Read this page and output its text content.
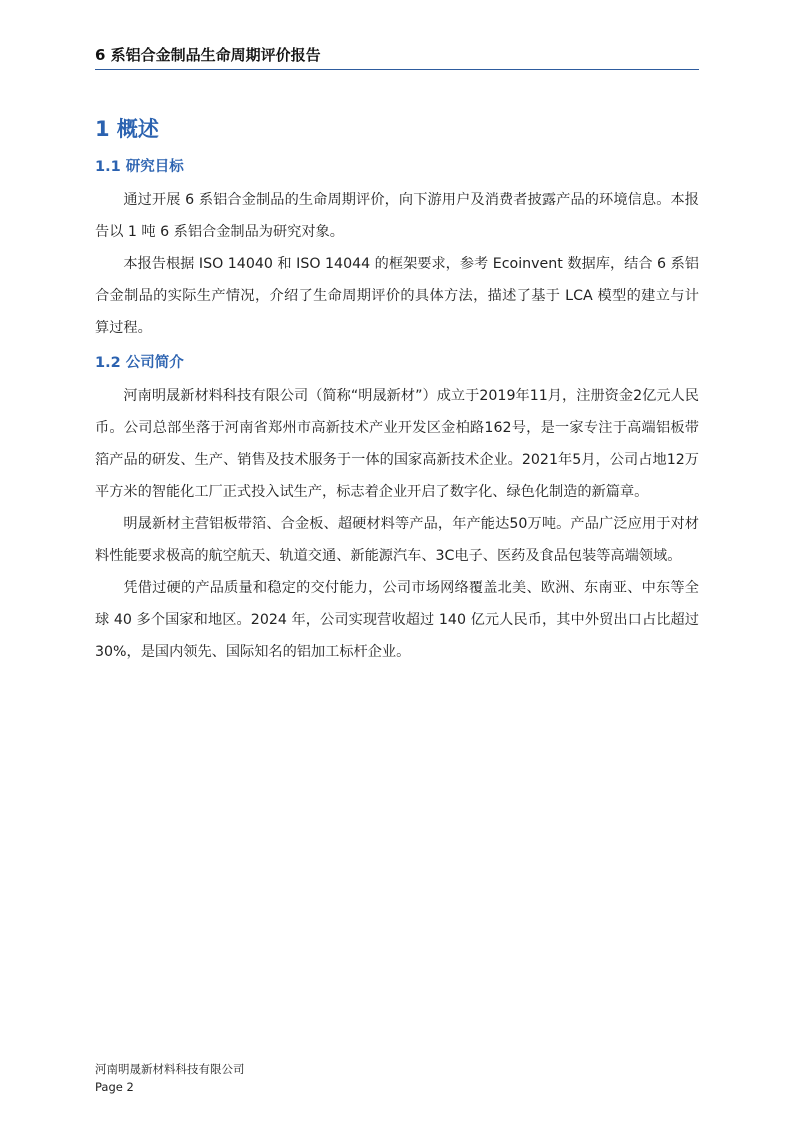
6 系铝合金制品生命周期评价报告
1 概述
1.1 研究目标

通过开展 6 系铝合金制品的生命周期评价，向下游用户及消费者披露产品的环境信息。本报告以 1 吨 6 系铝合金制品为研究对象。

本报告根据 ISO 14040 和 ISO 14044 的框架要求，参考 Ecoinvent 数据库，结合 6 系铝合金制品的实际生产情况，介绍了生命周期评价的具体方法，描述了基于 LCA 模型的建立与计算过程。

1.2 公司简介

河南明晟新材料科技有限公司（简称“明晟新材”）成立于2019年11月，注册资金2亿元人民币。公司总部坐落于河南省郑州市高新技术产业开发区金柏路162号，是一家专注于高端铝板带箔产品的研发、生产、销售及技术服务于一体的国家高新技术企业。2021年5月，公司占地12万平方米的智能化工厂正式投入试生产，标志着企业开启了数字化、绿色化制造的新篇章。

明晟新材主营铝板带箔、合金板、超硬材料等产品，年产能达50万吨。产品广泛应用于对材料性能要求极高的航空航天、轨道交通、新能源汽车、3C电子、医药及食品包装等高端领域。

凭借过硬的产品质量和稳定的交付能力，公司市场网络覆盖北美、欧洲、东南亚、中东等全球 40 多个国家和地区。2024 年，公司实现营收超过 140 亿元人民币，其中外贸出口占比超过 30%，是国内领先、国际知名的铝加工标杆企业。

河南明晟新材料科技有限公司
Page 2
